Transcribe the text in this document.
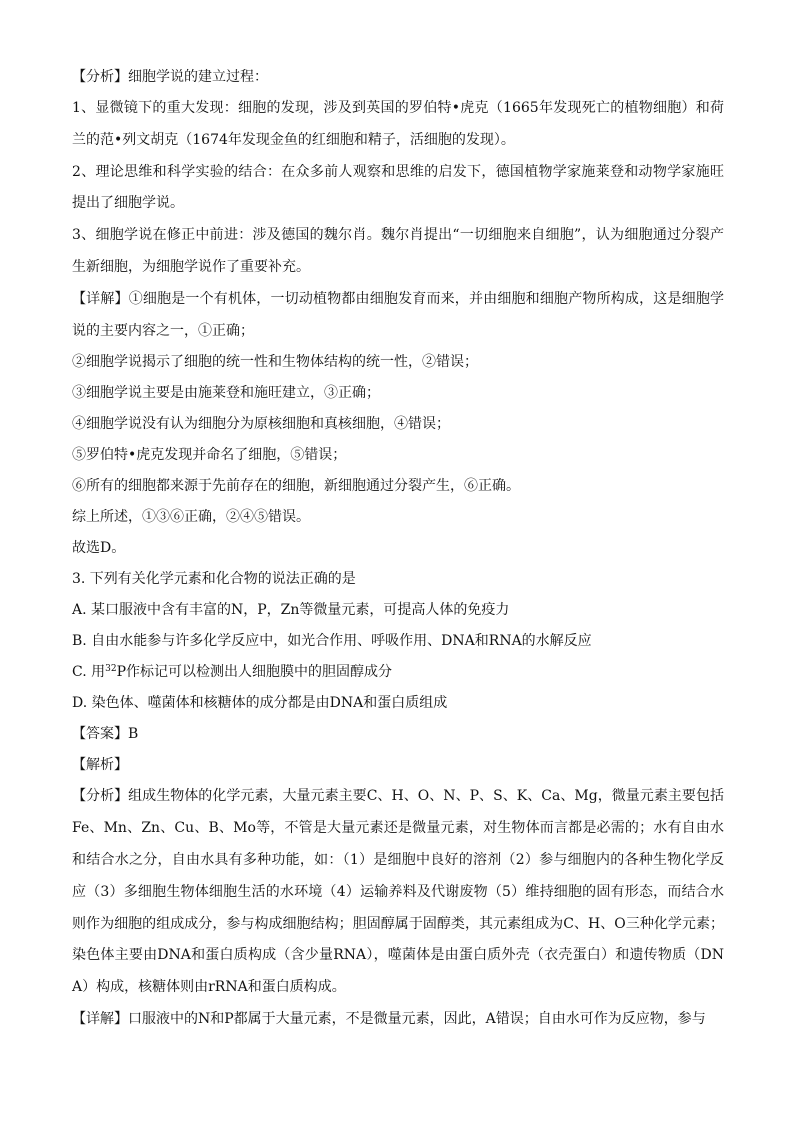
【分析】细胞学说的建立过程：

1、显微镜下的重大发现：细胞的发现，涉及到英国的罗伯特•虎克（1665年发现死亡的植物细胞）和荷兰的范•列文胡克（1674年发现金鱼的红细胞和精子，活细胞的发现）。

2、理论思维和科学实验的结合：在众多前人观察和思维的启发下，德国植物学家施莱登和动物学家施旺提出了细胞学说。

3、细胞学说在修正中前进：涉及德国的魏尔肖。魏尔肖提出“一切细胞来自细胞”，认为细胞通过分裂产生新细胞，为细胞学说作了重要补充。

【详解】①细胞是一个有机体，一切动植物都由细胞发育而来，并由细胞和细胞产物所构成，这是细胞学说的主要内容之一，①正确；

②细胞学说揭示了细胞的统一性和生物体结构的统一性，②错误；

③细胞学说主要是由施莱登和施旺建立，③正确；

④细胞学说没有认为细胞分为原核细胞和真核细胞，④错误；

⑤罗伯特•虎克发现并命名了细胞，⑤错误；

⑥所有的细胞都来源于先前存在的细胞，新细胞通过分裂产生，⑥正确。

综上所述，①③⑥正确，②④⑤错误。

故选D。

3. 下列有关化学元素和化合物的说法正确的是

A. 某口服液中含有丰富的N，P，Zn等微量元素，可提高人体的免疫力

B. 自由水能参与许多化学反应中，如光合作用、呼吸作用、DNA和RNA的水解反应

C. 用$^{32}$P作标记可以检测出人细胞膜中的胆固醇成分

D. 染色体、噬菌体和核糖体的成分都是由DNA和蛋白质组成

【答案】B

【解析】

【分析】组成生物体的化学元素，大量元素主要C、H、O、N、P、S、K、Ca、Mg，微量元素主要包括Fe、Mn、Zn、Cu、B、Mo等，不管是大量元素还是微量元素，对生物体而言都是必需的；水有自由水和结合水之分，自由水具有多种功能，如：（1）是细胞中良好的溶剂（2）参与细胞内的各种生物化学反应（3）多细胞生物体细胞生活的水环境（4）运输养料及代谢废物（5）维持细胞的固有形态，而结合水则作为细胞的组成成分，参与构成细胞结构；胆固醇属于固醇类，其元素组成为C、H、O三种化学元素；染色体主要由DNA和蛋白质构成（含少量RNA），噬菌体是由蛋白质外壳（衣壳蛋白）和遗传物质（DNA）构成，核糖体则由rRNA和蛋白质构成。

【详解】口服液中的N和P都属于大量元素，不是微量元素，因此，A错误；自由水可作为反应物，参与
